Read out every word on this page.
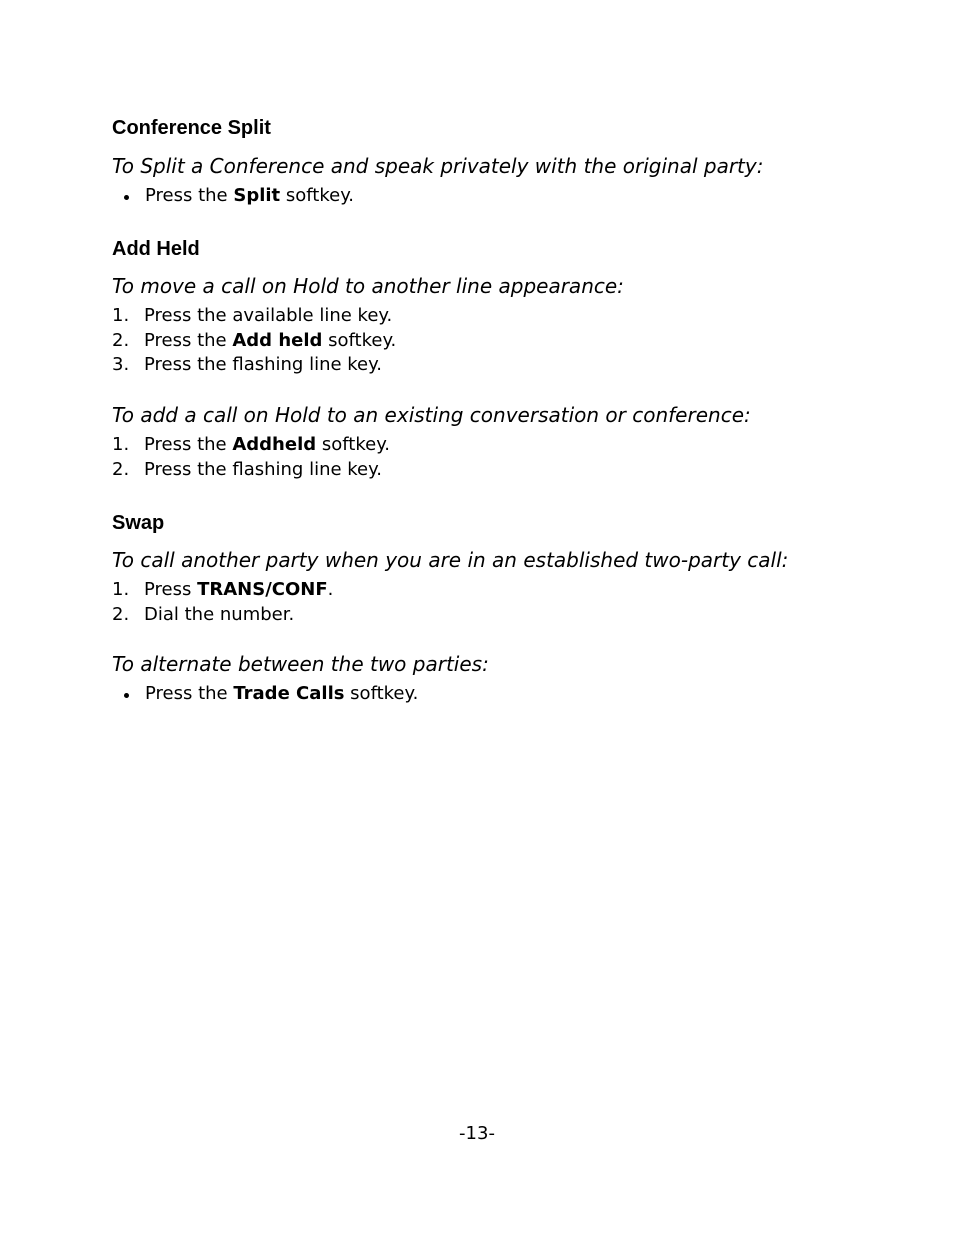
Conference Split

To Split a Conference and speak privately with the original party:

Press the Split softkey.
Add Held

To move a call on Hold to another line appearance:

1. Press the available line key.
2. Press the Add held softkey.
3. Press the flashing line key.

To add a call on Hold to an existing conversation or conference:

1. Press the Addheld softkey.
2. Press the flashing line key.
Swap

To call another party when you are in an established two-party call:

1. Press TRANS/CONF.
2. Dial the number.

To alternate between the two parties:

Press the Trade Calls softkey.
-13-
